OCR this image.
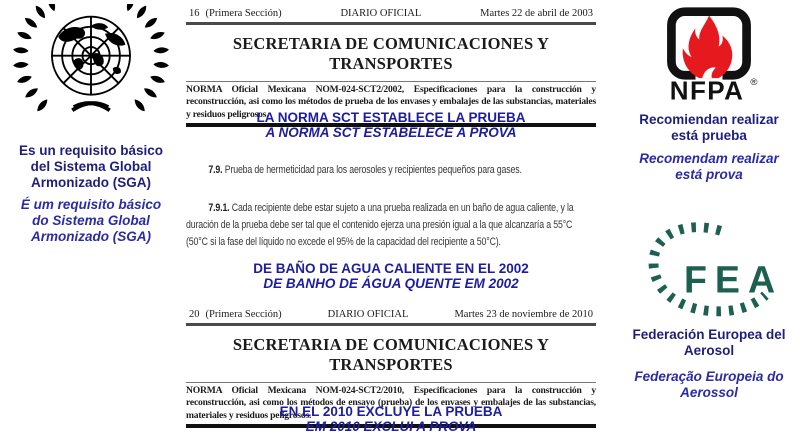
Es un requisito básico
del Sistema Global
Armonizado (SGA)
É um requisito básico
do Sistema Global
Armonizado (SGA)
16 (Primera Sección)	DIARIO OFICIAL	Martes 22 de abril de 2003
SECRETARIA DE COMUNICACIONES Y TRANSPORTES
NORMA Oficial Mexicana NOM-024-SCT2/2002, Especificaciones para la construcción y reconstrucción, asi como los métodos de prueba de los envases y embalajes de las substancias, materiales y residuos peligrosos.
LA NORMA SCT ESTABLECE LA PRUEBA
A NORMA SCT ESTABELECE A PROVA

7.9. Prueba de hermeticidad para los aerosoles y recipientes pequeños para gases.

7.9.1. Cada recipiente debe estar sujeto a una prueba realizada en un baño de agua caliente, y la duración de la prueba debe ser tal que el contenido ejerza una presión igual a la que alcanzaría a 55°C (50°C si la fase del líquido no excede el 95% de la capacidad del recipiente a 50°C).

DE BAÑO DE AGUA CALIENTE EN EL 2002
DE BANHO DE ÁGUA QUENTE EM 2002
20 (Primera Sección)	DIARIO OFICIAL	Martes 23 de noviembre de 2010
SECRETARIA DE COMUNICACIONES Y TRANSPORTES
NORMA Oficial Mexicana NOM-024-SCT2/2010, Especificaciones para la construcción y reconstrucción, asi como los métodos de ensayo (prueba) de los envases y embalajes de las substancias, materiales y residuos peligrosos.
EN EL 2010 EXCLUYE LA PRUEBA
EM 2010 EXCLUI A PROVA
NFPA ®
Recomiendan realizar
está prueba
Recomendam realizar
está prova
FEA
Federación Europea del
Aerosol
Federação Europeia do
Aerossol
